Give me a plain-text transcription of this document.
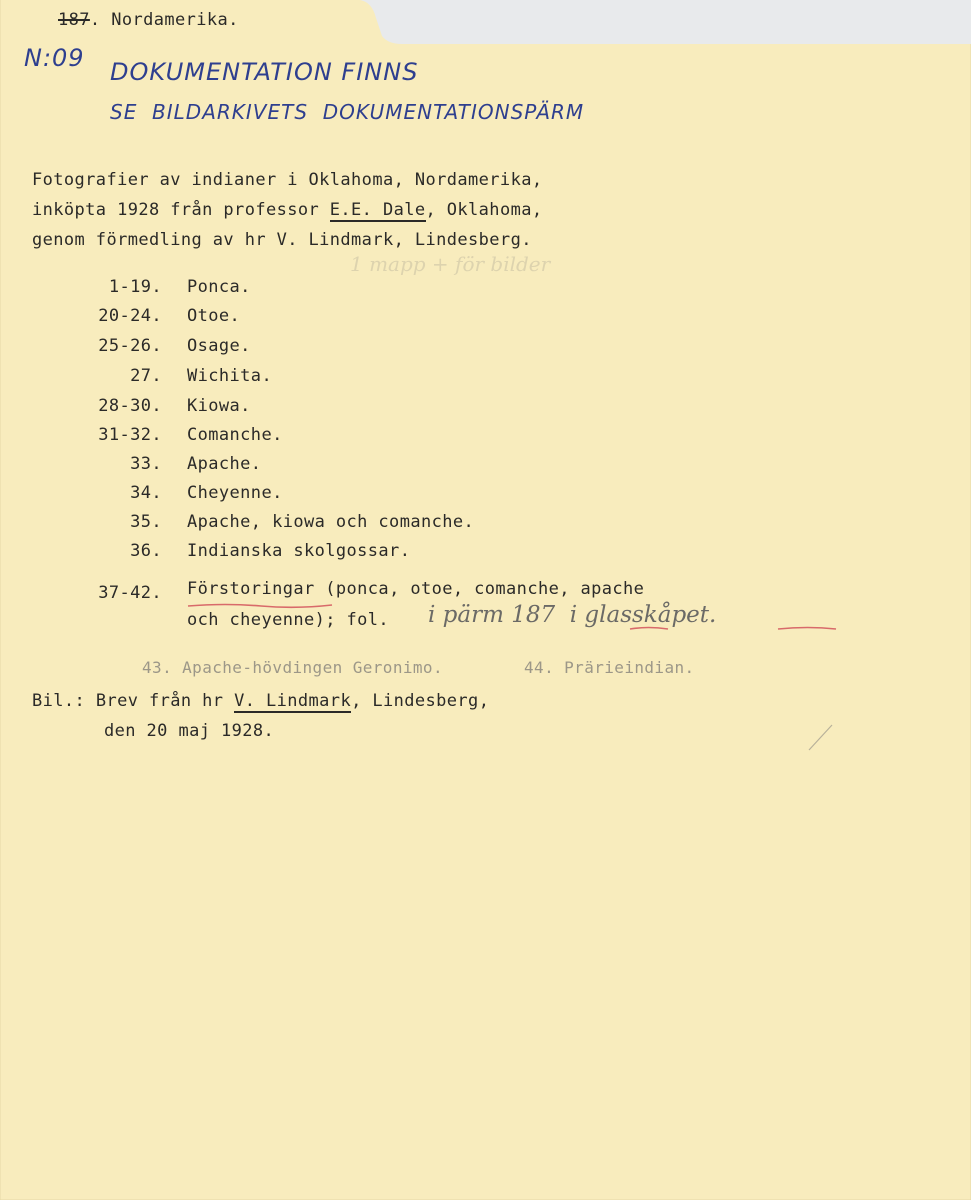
187. Nordamerika.
N:09 DOKUMENTATION FINNS
SE  BILDARKIVETS  DOKUMENTATIONSPÄRM
1 mapp + för bilder
Fotografier av indianer i Oklahoma, Nordamerika,
inköpta 1928 från professor E.E. Dale, Oklahoma,
genom förmedling av hr V. Lindmark, Lindesberg.
1-19. Ponca.
20-24. Otoe.
25-26. Osage.
27. Wichita.
28-30. Kiowa.
31-32. Comanche.
33. Apache.
34. Cheyenne.
35. Apache, kiowa och comanche.
36. Indianska skolgossar.
37-42. Förstoringar (ponca, otoe, comanche, apache
och cheyenne); fol. i pärm 187  i glasskåpet.
43. Apache-hövdingen Geronimo.	44. Prärieindian.
Bil.: Brev från hr V. Lindmark, Lindesberg,
den 20 maj 1928.
